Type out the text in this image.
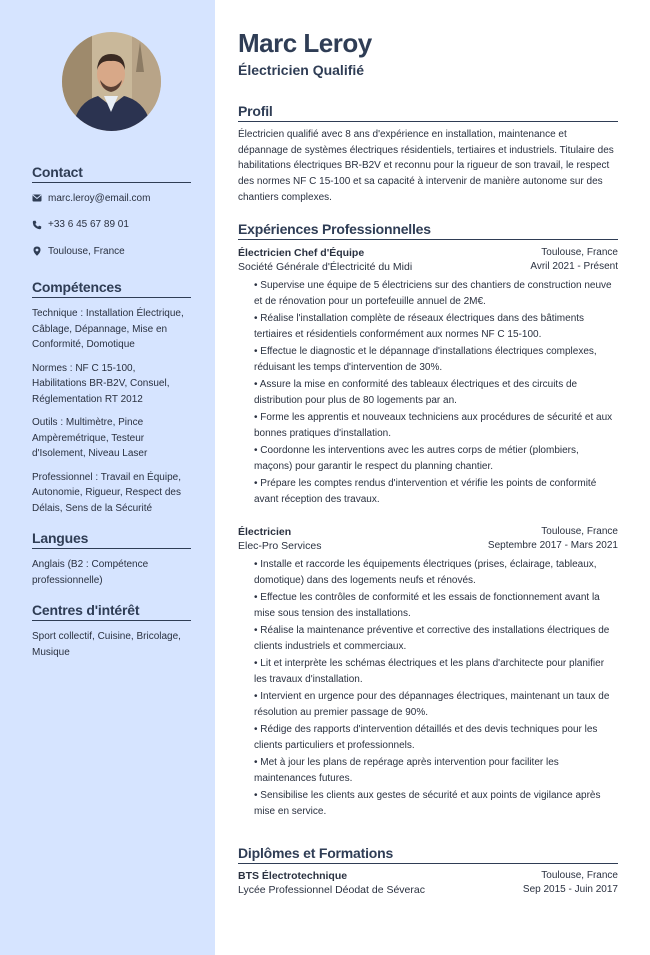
Contact
marc.leroy@email.com
+33 6 45 67 89 01
Toulouse, France
Compétences
Technique : Installation Électrique, Câblage, Dépannage, Mise en Conformité, Domotique
Normes : NF C 15-100, Habilitations BR-B2V, Consuel, Réglementation RT 2012
Outils : Multimètre, Pince Ampèremétrique, Testeur d'Isolement, Niveau Laser
Professionnel : Travail en Équipe, Autonomie, Rigueur, Respect des Délais, Sens de la Sécurité
Langues
Anglais (B2 : Compétence professionnelle)
Centres d'intérêt
Sport collectif, Cuisine, Bricolage, Musique
Marc Leroy
Électricien Qualifié
Profil
Électricien qualifié avec 8 ans d'expérience en installation, maintenance et dépannage de systèmes électriques résidentiels, tertiaires et industriels. Titulaire des habilitations électriques BR-B2V et reconnu pour la rigueur de son travail, le respect des normes NF C 15-100 et sa capacité à intervenir de manière autonome sur des chantiers complexes.
Expériences Professionnelles
Électricien Chef d'Équipe	Toulouse, France
Société Générale d'Électricité du Midi	Avril 2021 - Présent
• Supervise une équipe de 5 électriciens sur des chantiers de construction neuve et de rénovation pour un portefeuille annuel de 2M€.
• Réalise l'installation complète de réseaux électriques dans des bâtiments tertiaires et résidentiels conformément aux normes NF C 15-100.
• Effectue le diagnostic et le dépannage d'installations électriques complexes, réduisant les temps d'intervention de 30%.
• Assure la mise en conformité des tableaux électriques et des circuits de distribution pour plus de 80 logements par an.
• Forme les apprentis et nouveaux techniciens aux procédures de sécurité et aux bonnes pratiques d'installation.
• Coordonne les interventions avec les autres corps de métier (plombiers, maçons) pour garantir le respect du planning chantier.
• Prépare les comptes rendus d'intervention et vérifie les points de conformité avant réception des travaux.
Électricien	Toulouse, France
Elec-Pro Services	Septembre 2017 - Mars 2021
• Installe et raccorde les équipements électriques (prises, éclairage, tableaux, domotique) dans des logements neufs et rénovés.
• Effectue les contrôles de conformité et les essais de fonctionnement avant la mise sous tension des installations.
• Réalise la maintenance préventive et corrective des installations électriques de clients industriels et commerciaux.
• Lit et interprète les schémas électriques et les plans d'architecte pour planifier les travaux d'installation.
• Intervient en urgence pour des dépannages électriques, maintenant un taux de résolution au premier passage de 90%.
• Rédige des rapports d'intervention détaillés et des devis techniques pour les clients particuliers et professionnels.
• Met à jour les plans de repérage après intervention pour faciliter les maintenances futures.
• Sensibilise les clients aux gestes de sécurité et aux points de vigilance après mise en service.
Diplômes et Formations
BTS Électrotechnique	Toulouse, France
Lycée Professionnel Déodat de Séverac	Sep 2015 - Juin 2017
